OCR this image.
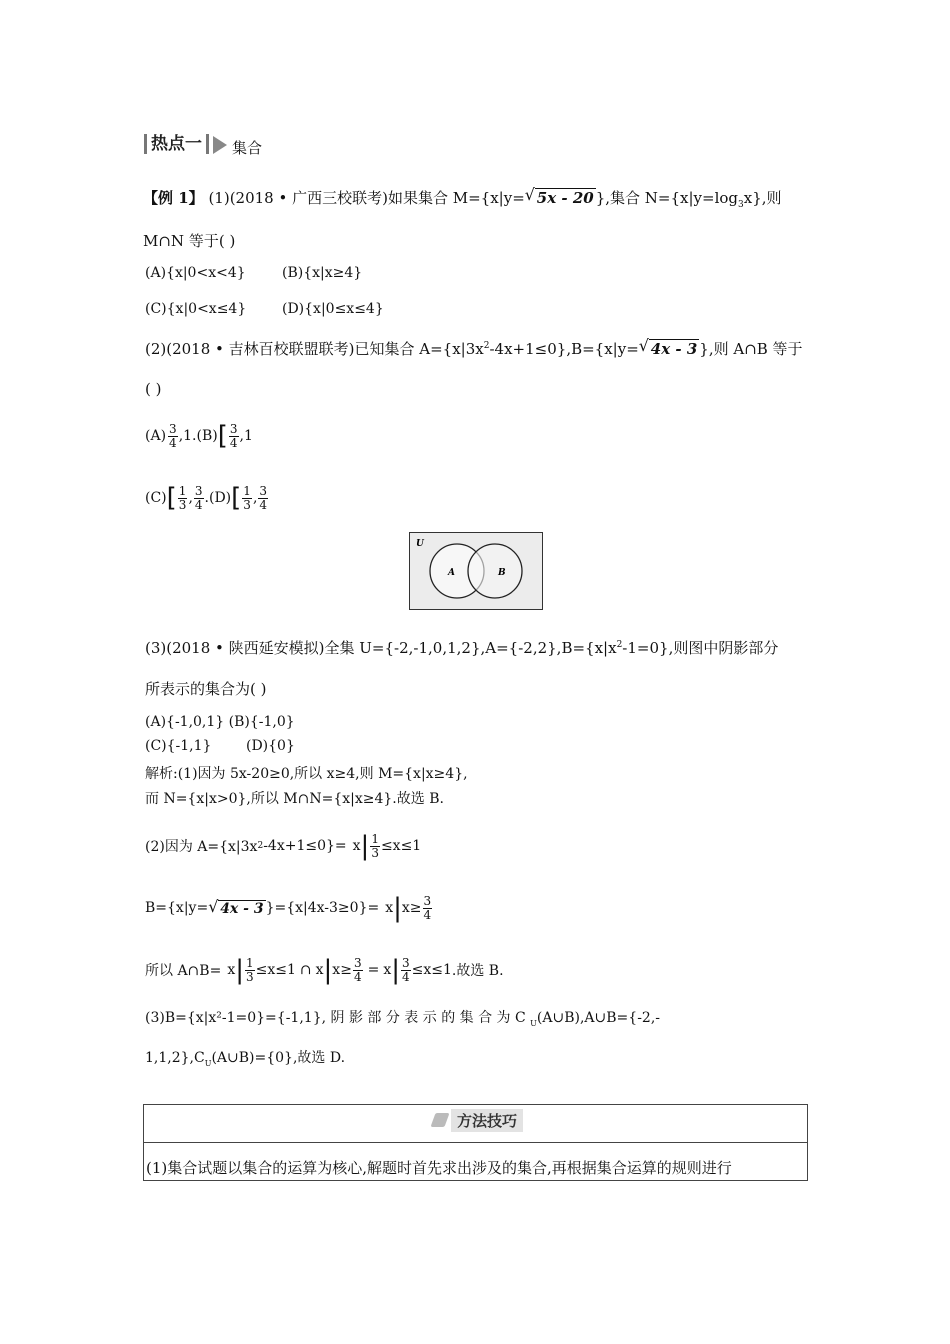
热点一 集合
【例 1】 (1)(2018 • 广西三校联考)如果集合 M={x|y=√ 5x - 20 },集合 $N=\{x|y=\log_3x\}$,则
M∩N 等于( )
(A){x|0<x<4}	(B){x|x≥4}
(C){x|0<x≤4}	(D){x|0≤x≤4}
(2)(2018 • 吉林百校联盟联考)已知集合 $A=\{x|3x^2-4x+1\le 0\},B=\{x|y=√$ 4x - 3 },则 A∩B 等于
( )
$(A) \frac{3}{4} ,1$ .(B) [ $\frac{3}{4} ,1$
(C) [ $\frac{1}{3}$ , $\frac{3}{4} .(D)$ [ $\frac{1}{3}$ , $\frac{3}{4}$
U
A	B
(3)(2018 • 陕西延安模拟)全集 $U=\{-2,-1,0,1,2\},A=\{-2,2\},B=\{x|x^2-1=0\}$,则图中阴影部分
所表示的集合为( )
(A){-1,0,1} (B){-1,0}
(C){-1,1} (D){0}
解析:(1)因为 5x-20≥0,所以 x≥4,则 M={x|x≥4},
而 N={x|x>0},所以 M∩N={x|x≥4}.故选 B.
(2)因为 A={x|3x 2 -4x+1≤0}= x | $\frac{1}{3} \le x\le 1$
B={x|y=
√ 4x - 3 }={x|4x-3≥0}= x | $x\ge \frac{3}{4}$
所以 A∩B= x | $\frac{1}{3} \le x\le 1$ ∩ x | $x\ge \frac{3}{4} = x$ | $\frac{3}{4} \le x\le 1$ .故选 B.
(3)B={x|x²-1=0}={-1,1}, 阴 影 部 分 表 示 的 集 合 为 C $_U$(A∪B),A∪B={-2,-
$1,1,2\},C_U(A\cup B)=\{0\}$,故选 D.
方法技巧
(1)集合试题以集合的运算为核心,解题时首先求出涉及的集合,再根据集合运算的规则进行
